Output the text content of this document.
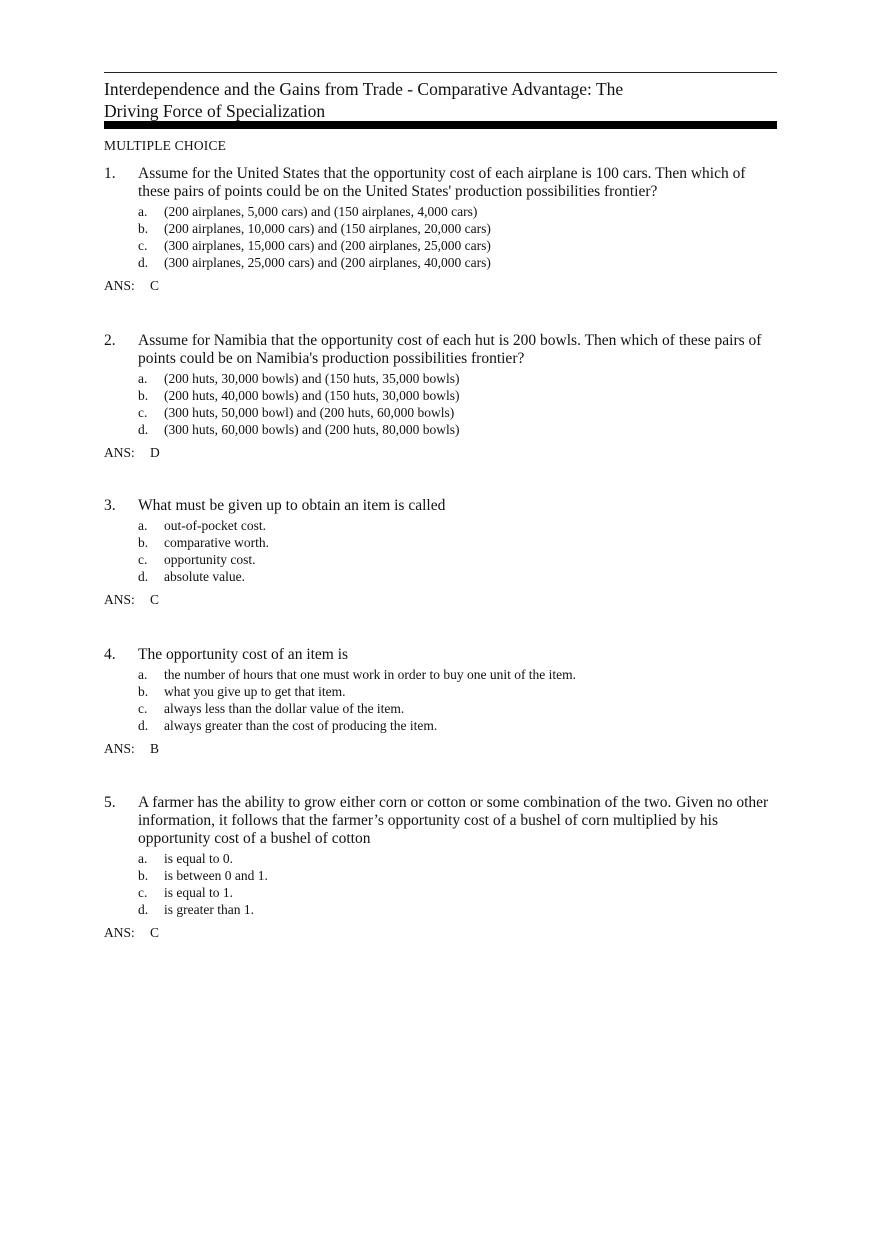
Interdependence and the Gains from Trade - Comparative Advantage: The
Driving Force of Specialization
MULTIPLE CHOICE
1. Assume for the United States that the opportunity cost of each airplane is 100 cars. Then which of these pairs of points could be on the United States' production possibilities frontier?
a. (200 airplanes, 5,000 cars) and (150 airplanes, 4,000 cars)
b. (200 airplanes, 10,000 cars) and (150 airplanes, 20,000 cars)
c. (300 airplanes, 15,000 cars) and (200 airplanes, 25,000 cars)
d. (300 airplanes, 25,000 cars) and (200 airplanes, 40,000 cars)
ANS: C
2. Assume for Namibia that the opportunity cost of each hut is 200 bowls. Then which of these pairs of points could be on Namibia's production possibilities frontier?
a. (200 huts, 30,000 bowls) and (150 huts, 35,000 bowls)
b. (200 huts, 40,000 bowls) and (150 huts, 30,000 bowls)
c. (300 huts, 50,000 bowl) and (200 huts, 60,000 bowls)
d. (300 huts, 60,000 bowls) and (200 huts, 80,000 bowls)
ANS: D
3. What must be given up to obtain an item is called
a. out-of-pocket cost.
b. comparative worth.
c. opportunity cost.
d. absolute value.
ANS: C
4. The opportunity cost of an item is
a. the number of hours that one must work in order to buy one unit of the item.
b. what you give up to get that item.
c. always less than the dollar value of the item.
d. always greater than the cost of producing the item.
ANS: B
5. A farmer has the ability to grow either corn or cotton or some combination of the two. Given no other information, it follows that the farmer’s opportunity cost of a bushel of corn multiplied by his opportunity cost of a bushel of cotton
a. is equal to 0.
b. is between 0 and 1.
c. is equal to 1.
d. is greater than 1.
ANS: C
